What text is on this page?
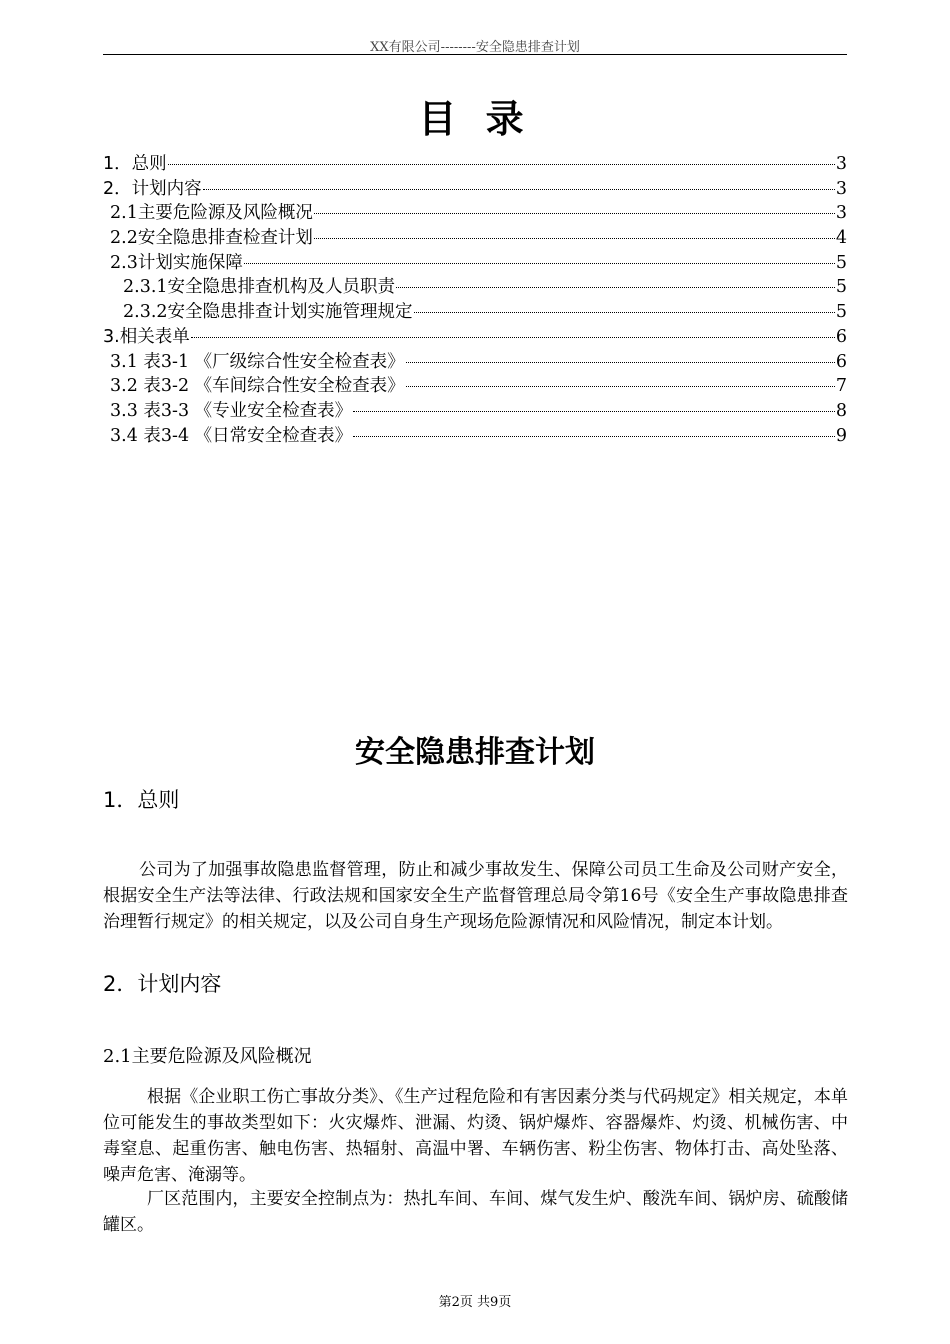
XX有限公司--------安全隐患排查计划
目 录
1．总则	3
2．计划内容	3
2.1主要危险源及风险概况	3
2.2安全隐患排查检查计划	4
2.3计划实施保障	5
2.3.1安全隐患排查机构及人员职责	5
2.3.2安全隐患排查计划实施管理规定	5
3.相关表单	6
3.1 表3-1 《厂级综合性安全检查表》	6
3.2 表3-2 《车间综合性安全检查表》	7
3.3 表3-3 《专业安全检查表》	8
3.4 表3-4 《日常安全检查表》	9
安全隐患排查计划
1．总则

公司为了加强事故隐患监督管理，防止和减少事故发生、保障公司员工生命及公司财产安全，根据安全生产法等法律、行政法规和国家安全生产监督管理总局令第16号《安全生产事故隐患排查治理暂行规定》的相关规定，以及公司自身生产现场危险源情况和风险情况，制定本计划。

2．计划内容
2.1主要危险源及风险概况

根据《企业职工伤亡事故分类》、《生产过程危险和有害因素分类与代码规定》相关规定，本单位可能发生的事故类型如下：火灾爆炸、泄漏、灼烫、锅炉爆炸、容器爆炸、灼烫、机械伤害、中毒窒息、起重伤害、触电伤害、热辐射、高温中署、车辆伤害、粉尘伤害、物体打击、高处坠落、噪声危害、淹溺等。

厂区范围内，主要安全控制点为：热扎车间、车间、煤气发生炉、酸洗车间、锅炉房、硫酸储罐区。

第2页 共9页
